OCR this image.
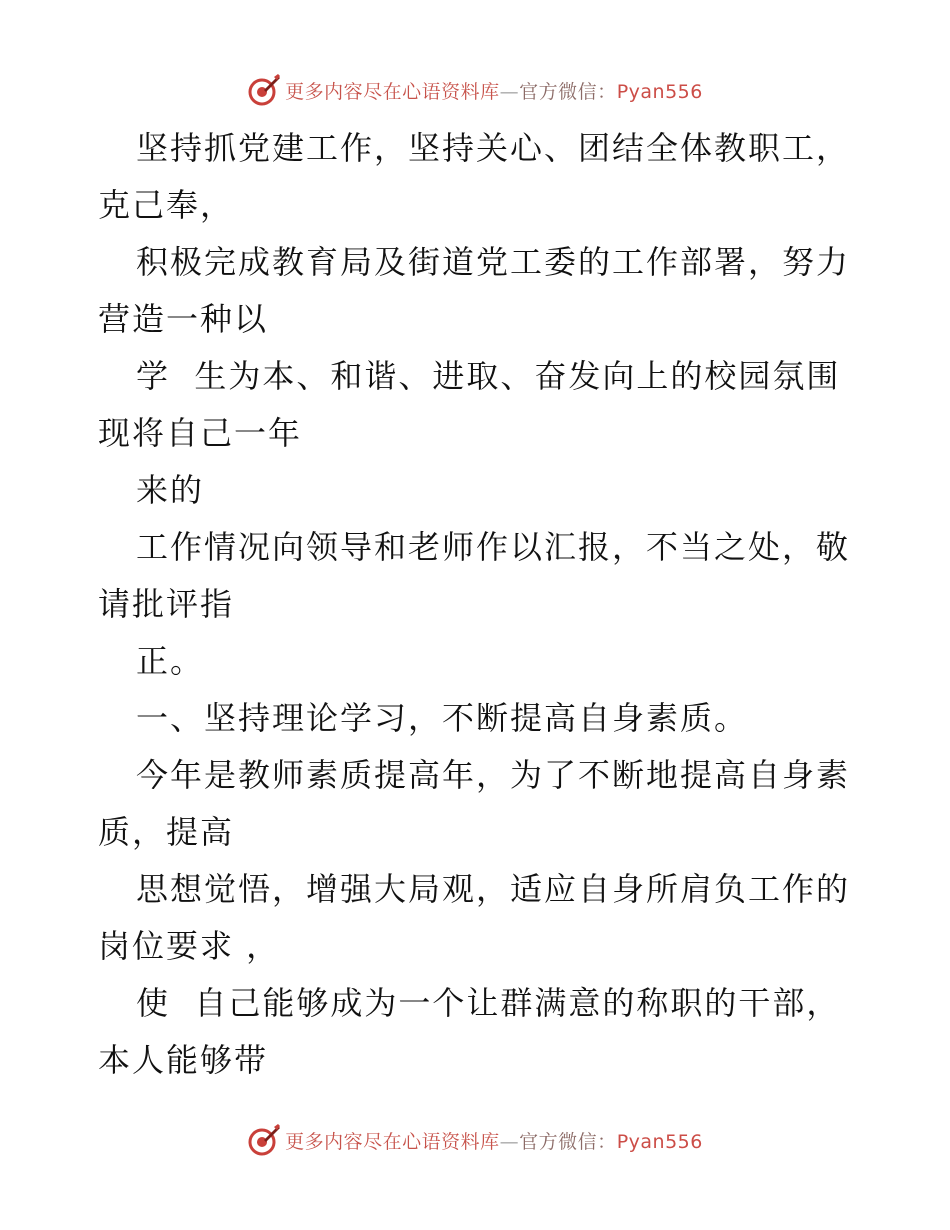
更多内容尽在心语资料库—官方微信：Pyan556
坚持抓党建工作，坚持关心、团结全体教职工，
克己奉，
积极完成教育局及街道党工委的工作部署，努力
营造一种以
学  生为本、和谐、进取、奋发向上的校园氛围
现将自己一年
来的
工作情况向领导和老师作以汇报，不当之处，敬
请批评指
正。
一、坚持理论学习，不断提高自身素质。
今年是教师素质提高年，为了不断地提高自身素
质，提高
思想觉悟，增强大局观，适应自身所肩负工作的
岗位要求 ，
使  自己能够成为一个让群满意的称职的干部，
本人能够带
更多内容尽在心语资料库—官方微信：Pyan556
